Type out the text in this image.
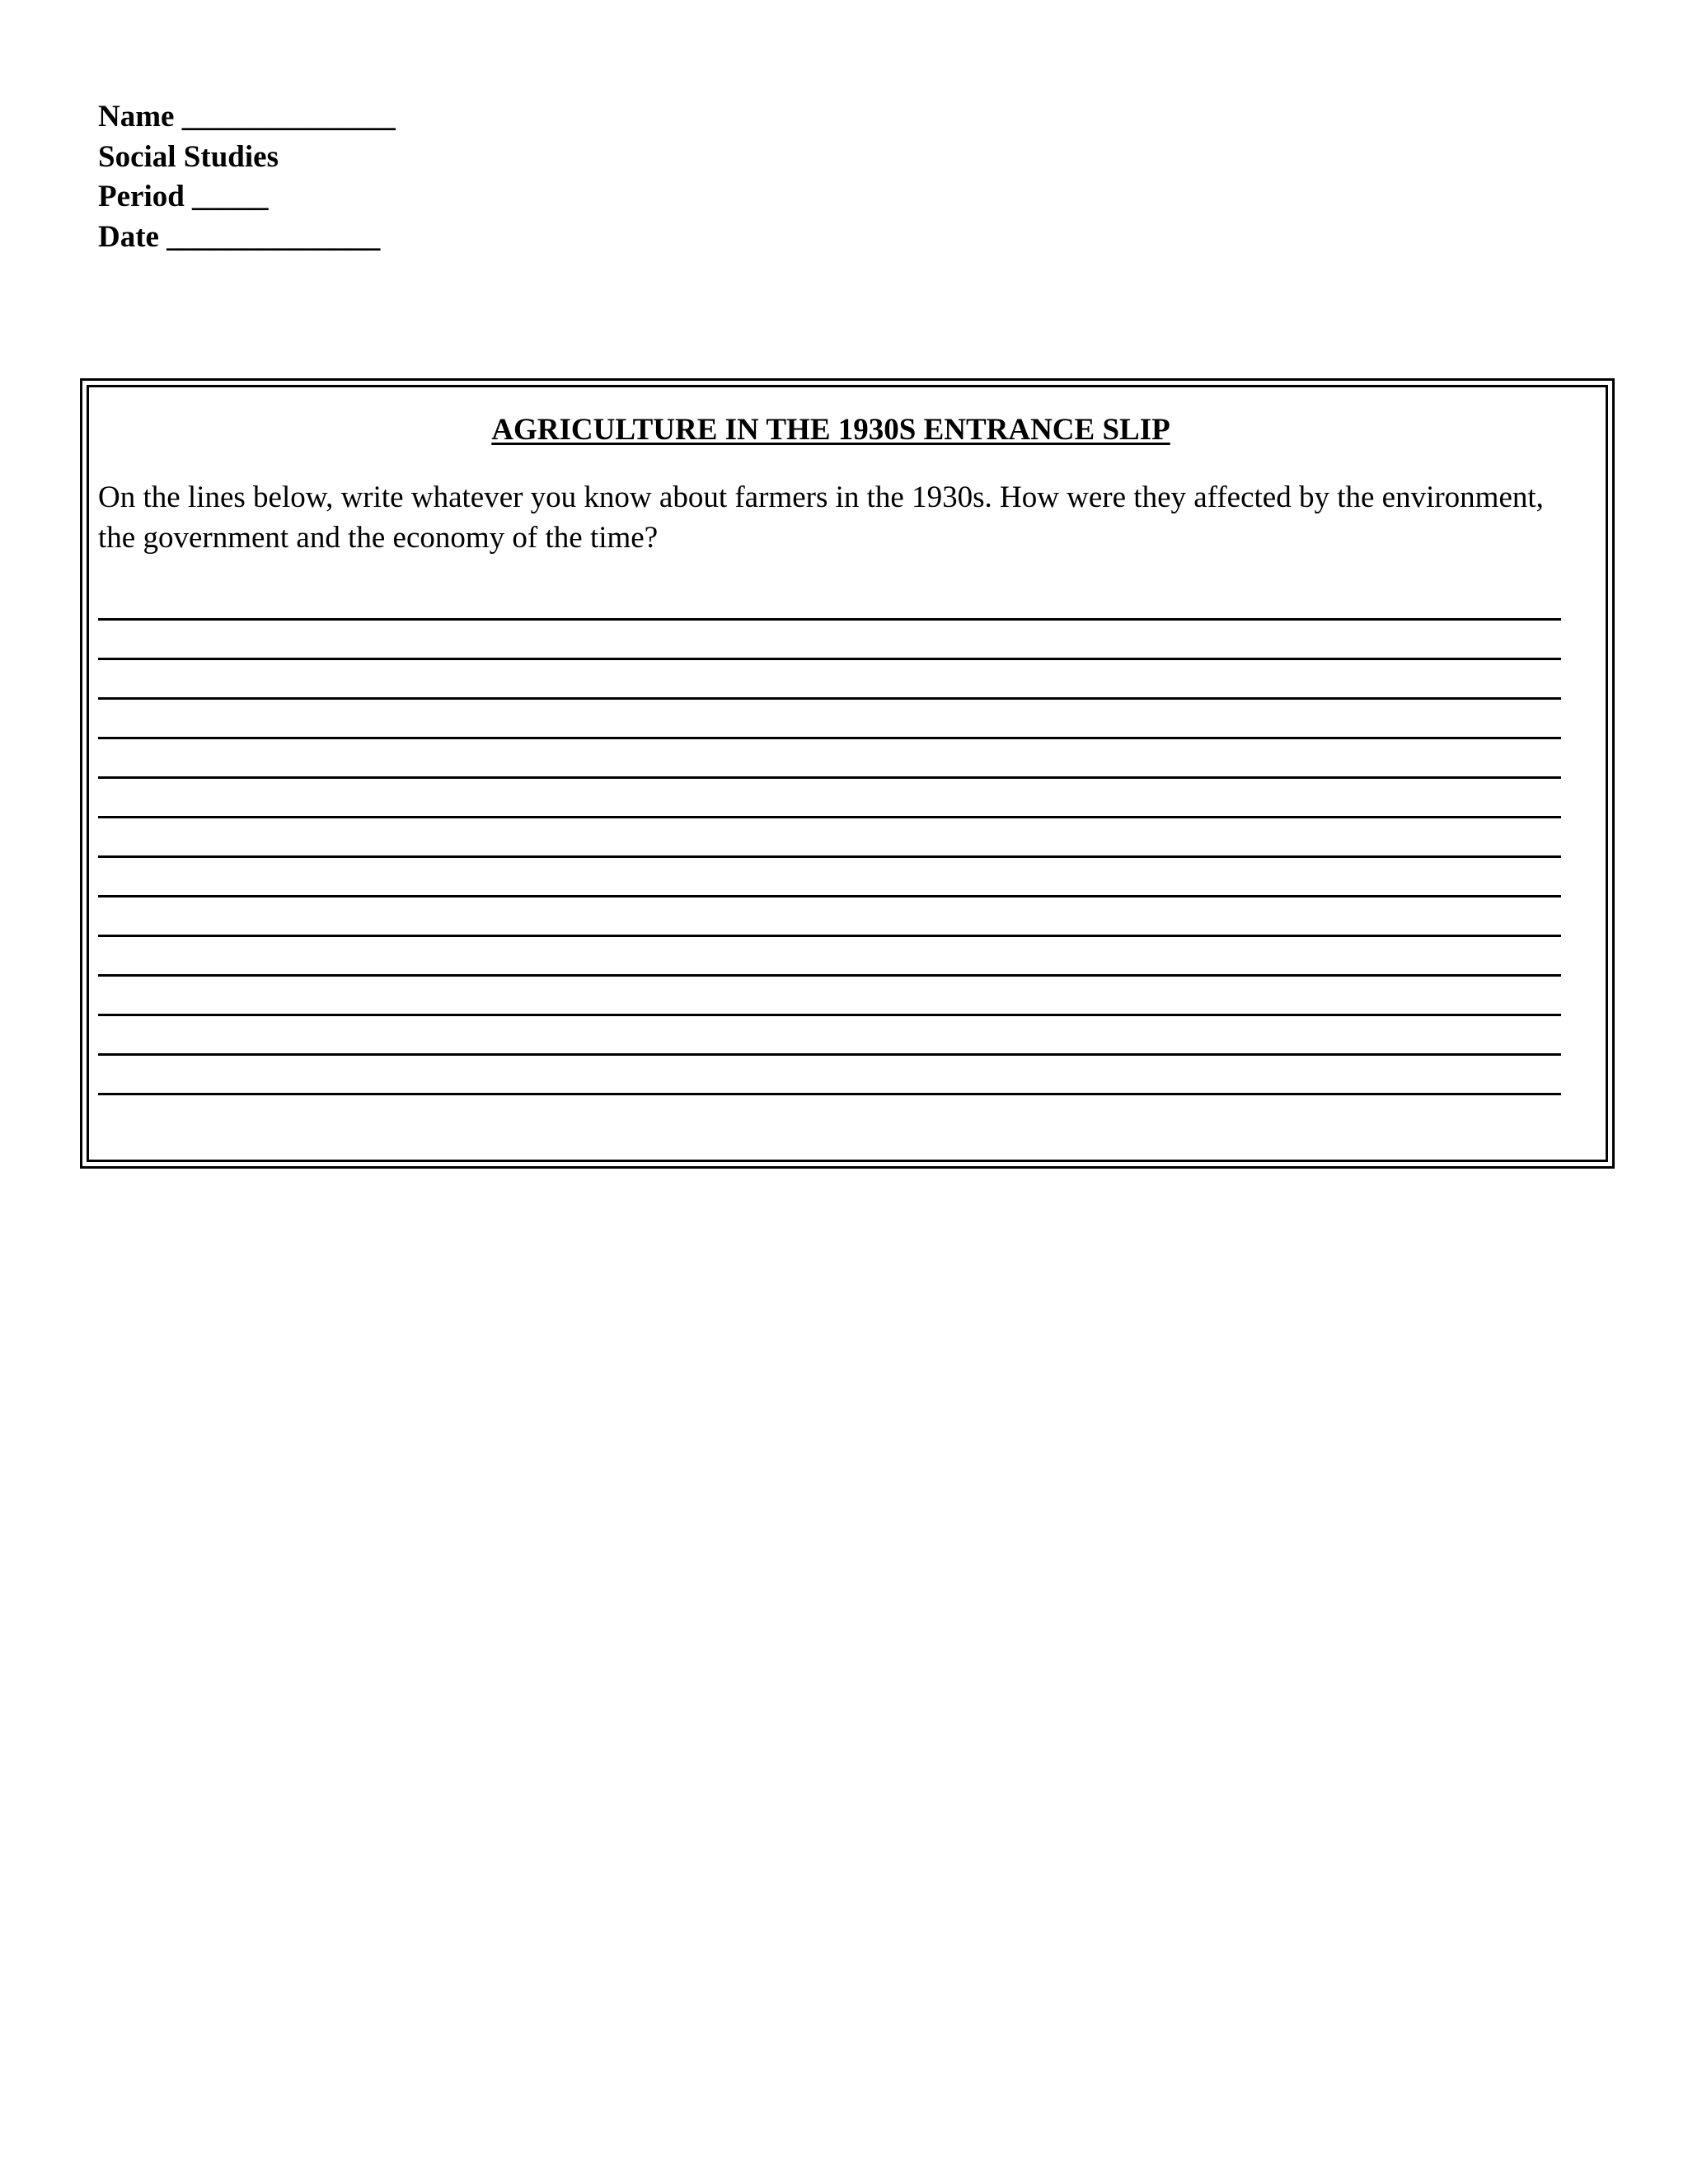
Name ______________
Social Studies
Period _____
Date ______________
AGRICULTURE IN THE 1930S ENTRANCE SLIP
On the lines below, write whatever you know about farmers in the 1930s. How were they affected by the environment,
the government and the economy of the time?
